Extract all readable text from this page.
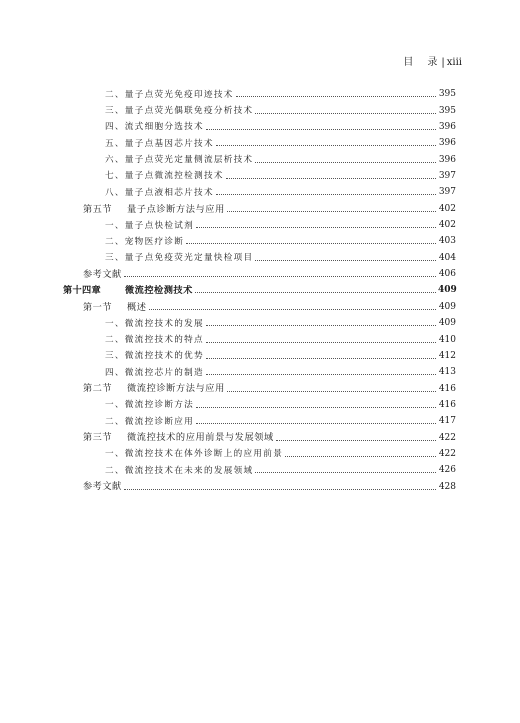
目 录 | xiii
二、量子点荧光免疫印迹技术	395
三、量子点荧光偶联免疫分析技术	395
四、流式细胞分选技术	396
五、量子点基因芯片技术	396
六、量子点荧光定量侧流层析技术	396
七、量子点微流控检测技术	397
八、量子点液相芯片技术	397
第五节	量子点诊断方法与应用	402
一、量子点快检试剂	402
二、宠物医疗诊断	403
三、量子点免疫荧光定量快检项目	404
参考文献	406
第十四章	微流控检测技术	409
第一节	概述	409
一、微流控技术的发展	409
二、微流控技术的特点	410
三、微流控技术的优势	412
四、微流控芯片的制造	413
第二节	微流控诊断方法与应用	416
一、微流控诊断方法	416
二、微流控诊断应用	417
第三节	微流控技术的应用前景与发展领域	422
一、微流控技术在体外诊断上的应用前景	422
二、微流控技术在未来的发展领域	426
参考文献	428
